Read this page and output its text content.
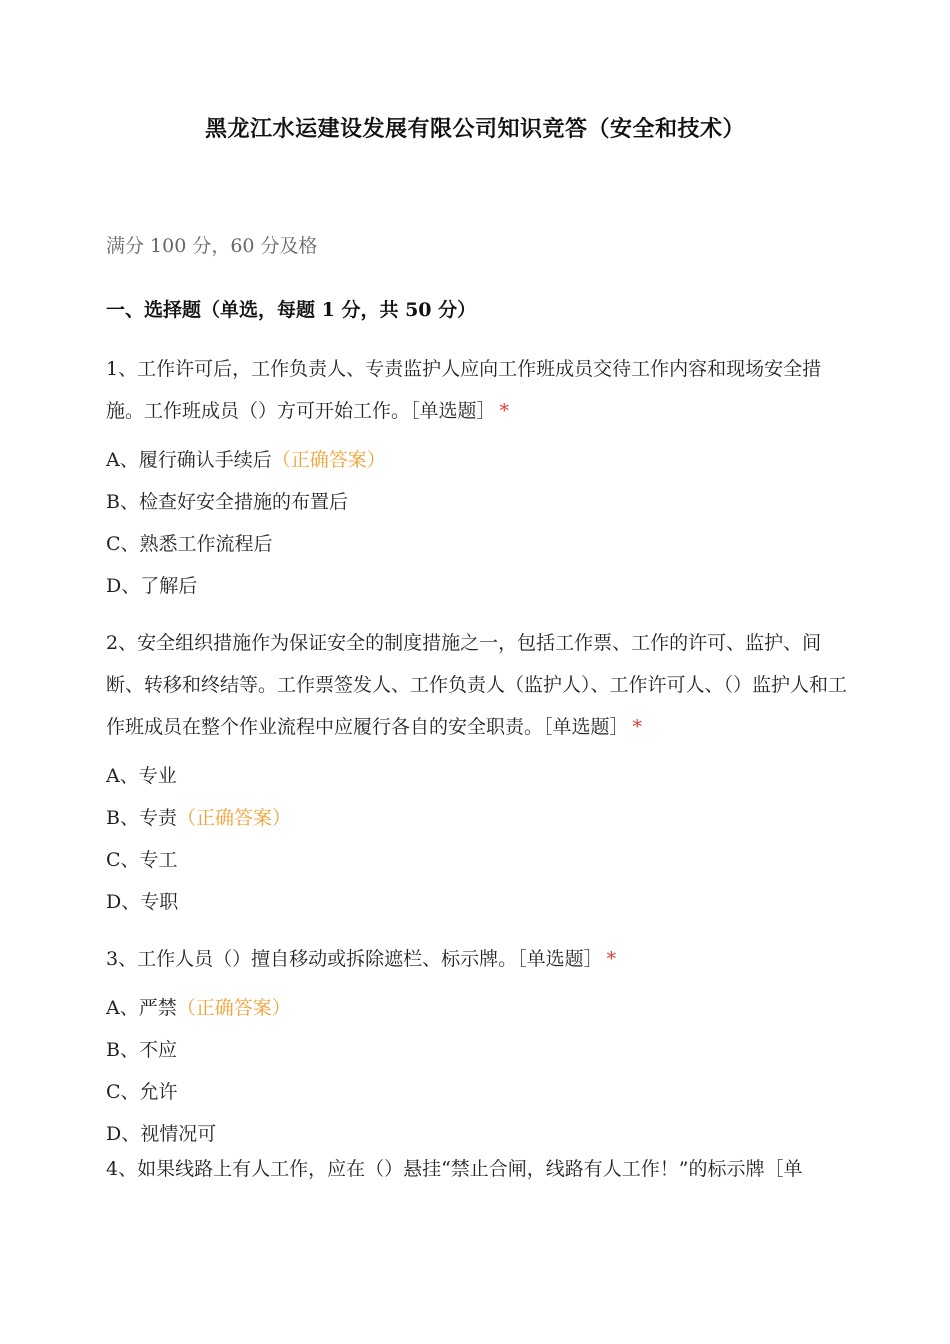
黑龙江水运建设发展有限公司知识竞答（安全和技术）
满分 100 分，60 分及格
一、选择题（单选，每题 1 分，共 50 分）
1、工作许可后，工作负责人、专责监护人应向工作班成员交待工作内容和现场安全措施。工作班成员（）方可开始工作。［单选题］ *
A、履行确认手续后（正确答案）
B、检查好安全措施的布置后
C、熟悉工作流程后
D、了解后
2、安全组织措施作为保证安全的制度措施之一，包括工作票、工作的许可、监护、间断、转移和终结等。工作票签发人、工作负责人（监护人）、工作许可人、（）监护人和工作班成员在整个作业流程中应履行各自的安全职责。［单选题］ *
A、专业
B、专责（正确答案）
C、专工
D、专职
3、工作人员（）擅自移动或拆除遮栏、标示牌。［单选题］ *
A、严禁（正确答案）
B、不应
C、允许
D、视情况可
4、如果线路上有人工作，应在（）悬挂“禁止合闸，线路有人工作！”的标示牌［单
